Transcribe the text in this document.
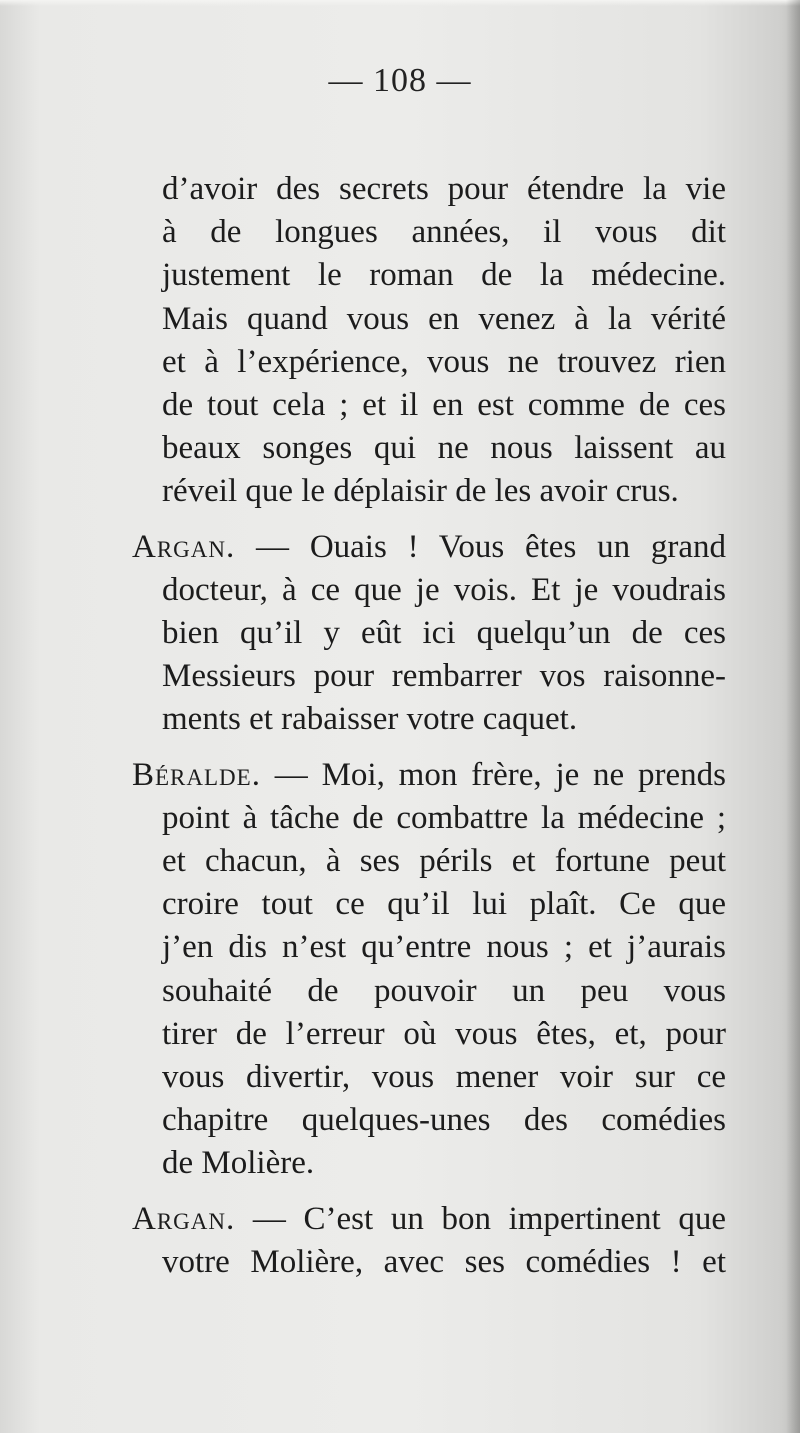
— 108 —
d’avoir des secrets pour étendre la vie
à de longues années, il vous dit
justement le roman de la médecine.
Mais quand vous en venez à la vérité
et à l’expérience, vous ne trouvez rien
de tout cela ; et il en est comme de ces
beaux songes qui ne nous laissent au
réveil que le déplaisir de les avoir crus.
Argan. — Ouais ! Vous êtes un grand
docteur, à ce que je vois. Et je voudrais
bien qu’il y eût ici quelqu’un de ces
Messieurs pour rembarrer vos raisonne-
ments et rabaisser votre caquet.
Béralde. — Moi, mon frère, je ne prends
point à tâche de combattre la médecine ;
et chacun, à ses périls et fortune peut
croire tout ce qu’il lui plaît. Ce que
j’en dis n’est qu’entre nous ; et j’aurais
souhaité de pouvoir un peu vous
tirer de l’erreur où vous êtes, et, pour
vous divertir, vous mener voir sur ce
chapitre quelques-unes des comédies
de Molière.
Argan. — C’est un bon impertinent que
votre Molière, avec ses comédies ! et
